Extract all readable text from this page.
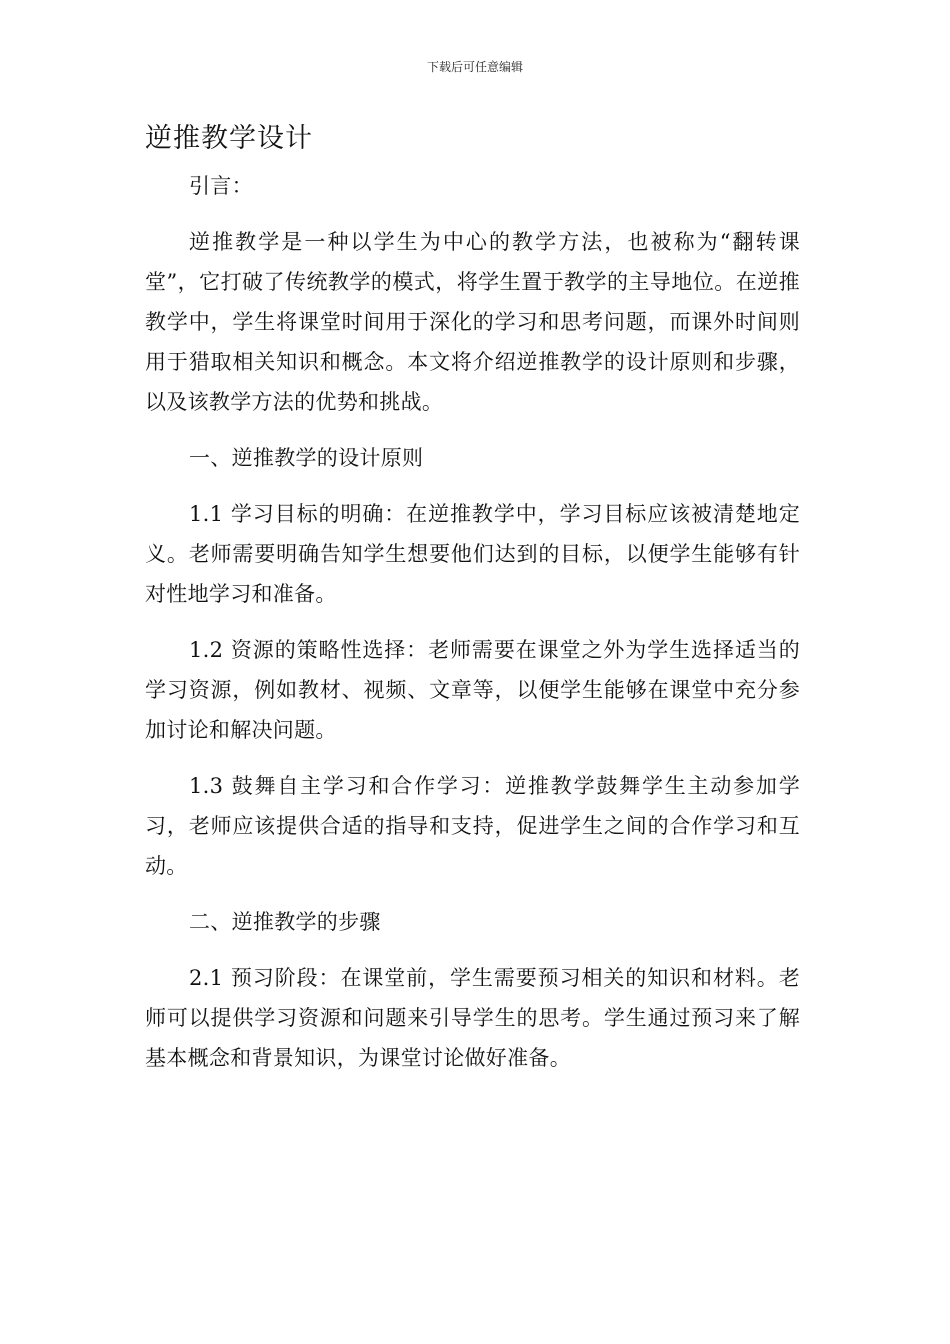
下载后可任意编辑
逆推教学设计

引言：

逆推教学是一种以学生为中心的教学方法，也被称为“翻转课堂”，它打破了传统教学的模式，将学生置于教学的主导地位。在逆推教学中，学生将课堂时间用于深化的学习和思考问题，而课外时间则用于猎取相关知识和概念。本文将介绍逆推教学的设计原则和步骤，以及该教学方法的优势和挑战。

一、逆推教学的设计原则

1.1 学习目标的明确：在逆推教学中，学习目标应该被清楚地定义。老师需要明确告知学生想要他们达到的目标，以便学生能够有针对性地学习和准备。

1.2 资源的策略性选择：老师需要在课堂之外为学生选择适当的学习资源，例如教材、视频、文章等，以便学生能够在课堂中充分参加讨论和解决问题。

1.3 鼓舞自主学习和合作学习：逆推教学鼓舞学生主动参加学习，老师应该提供合适的指导和支持，促进学生之间的合作学习和互动。

二、逆推教学的步骤

2.1 预习阶段：在课堂前，学生需要预习相关的知识和材料。老师可以提供学习资源和问题来引导学生的思考。学生通过预习来了解基本概念和背景知识，为课堂讨论做好准备。
